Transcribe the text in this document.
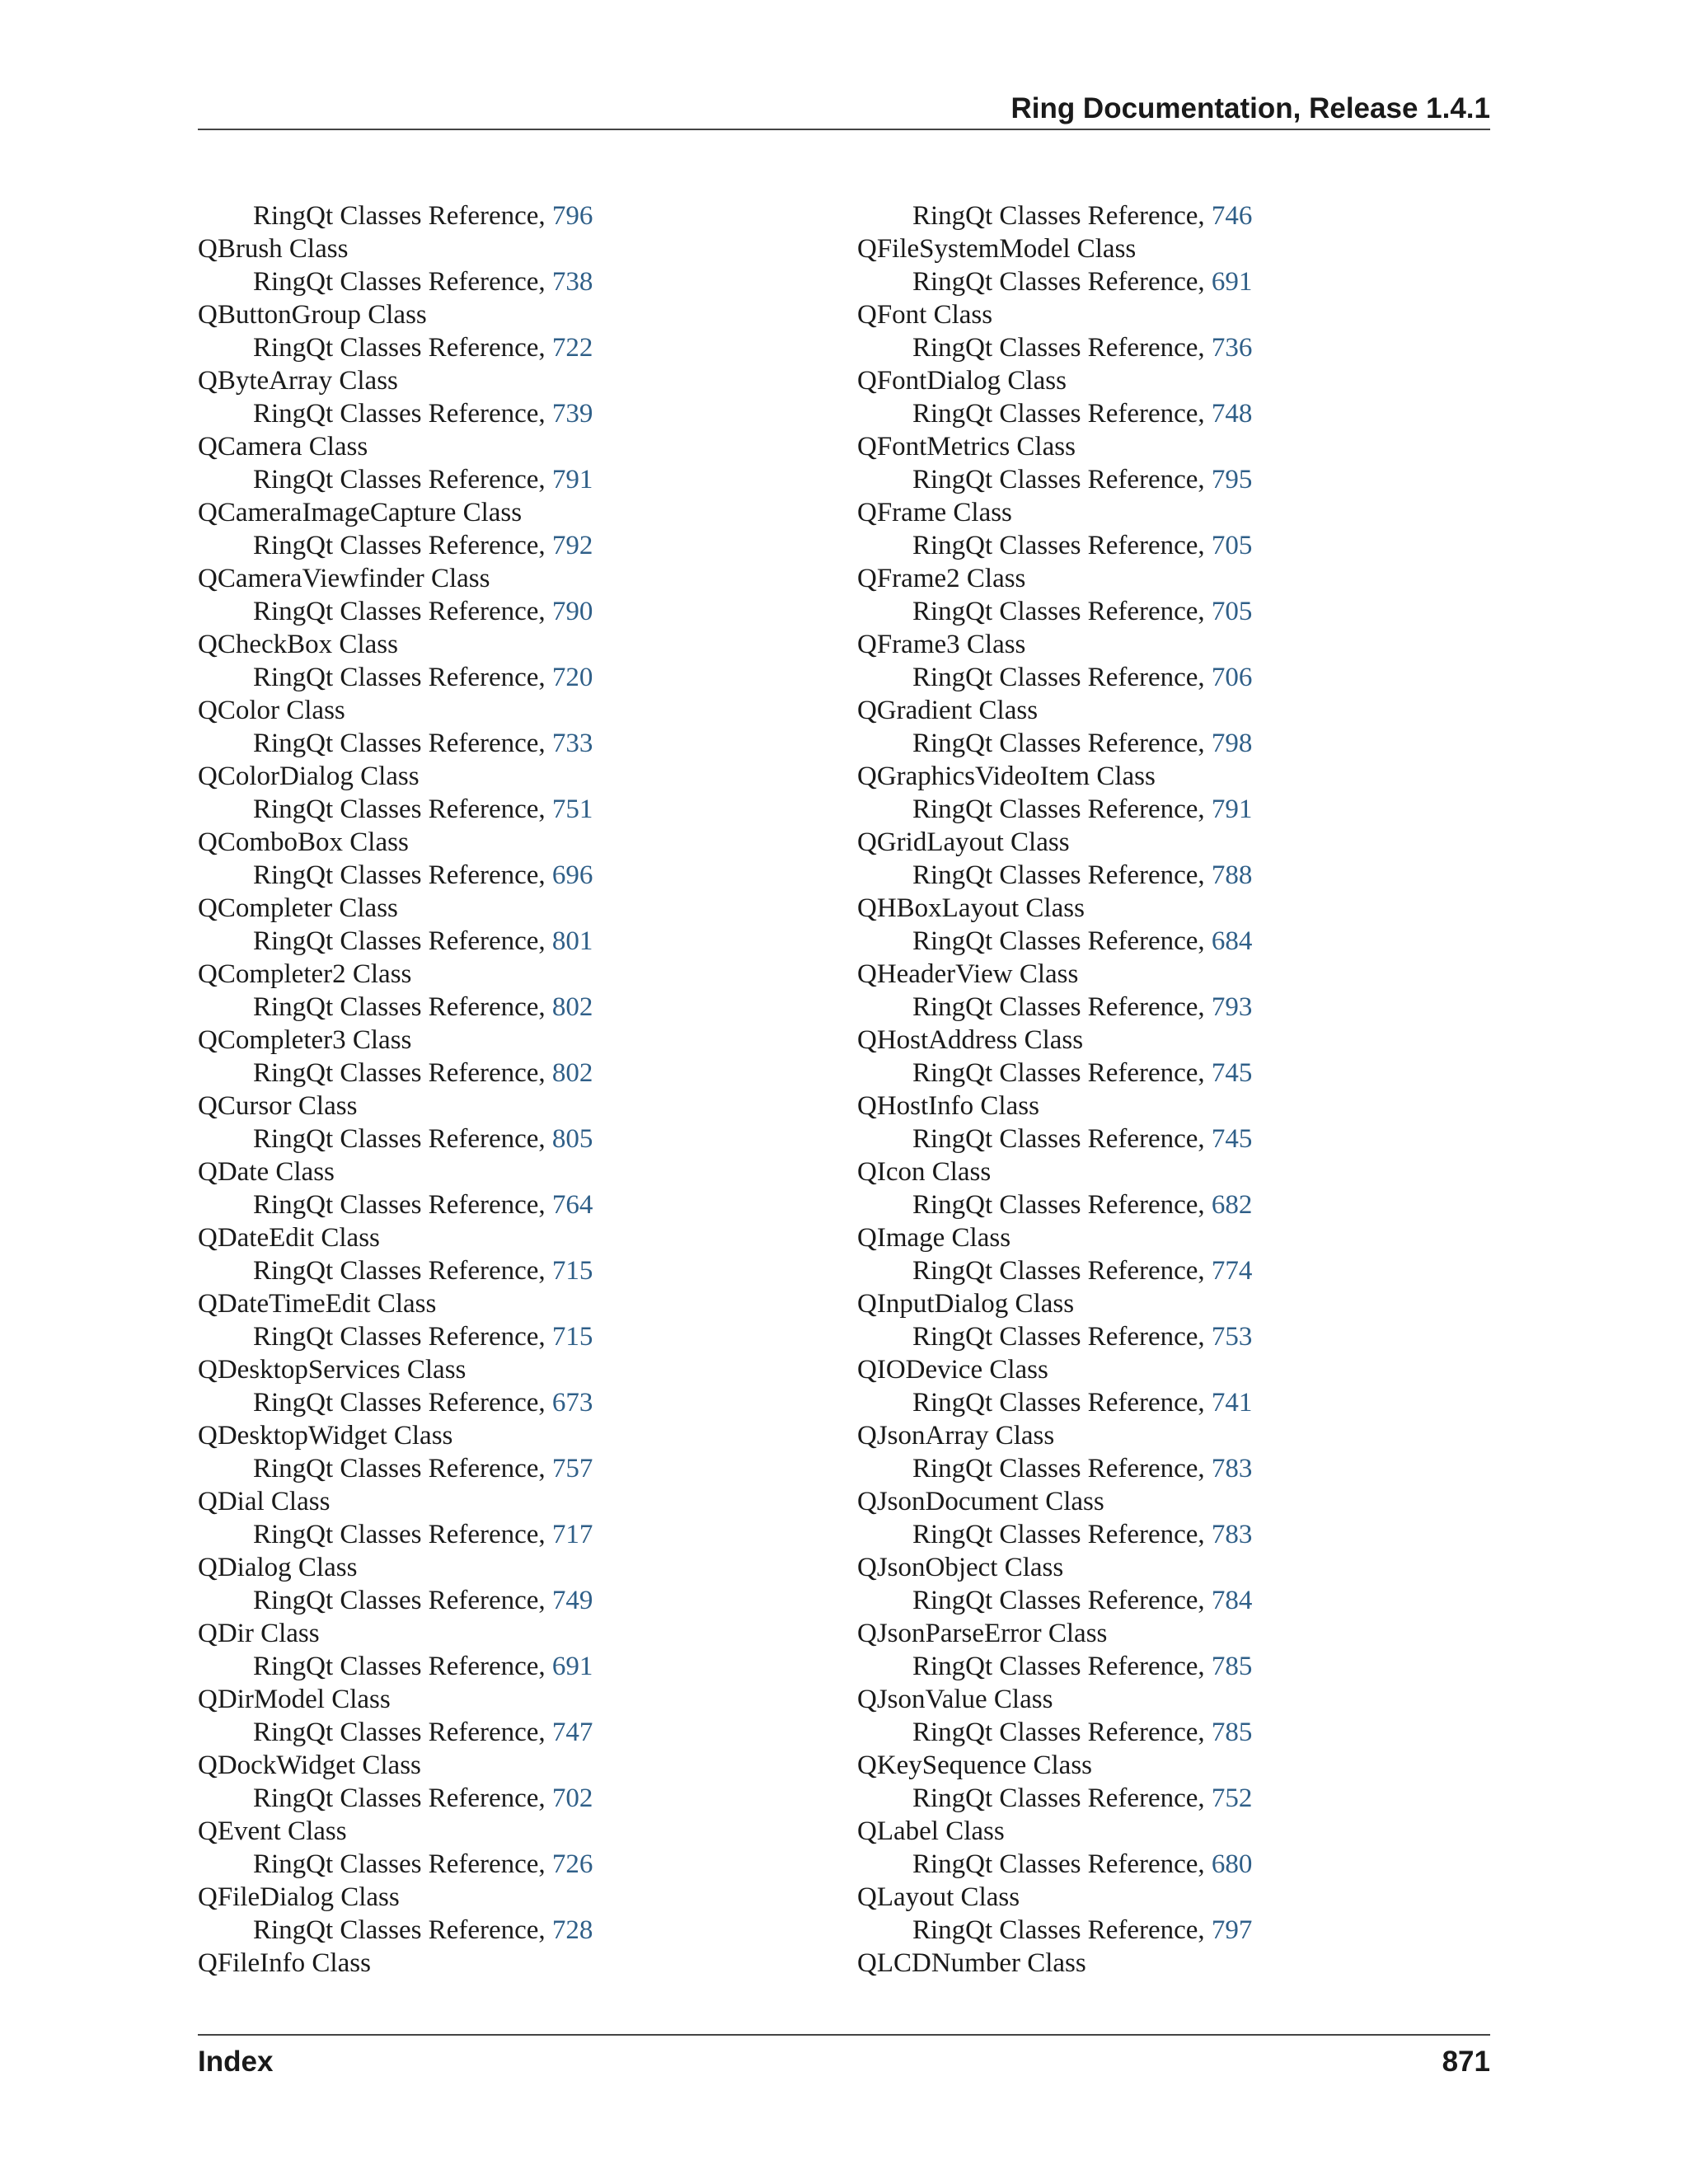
Ring Documentation, Release 1.4.1
RingQt Classes Reference, 796
QBrush Class
RingQt Classes Reference, 738
QButtonGroup Class
RingQt Classes Reference, 722
QByteArray Class
RingQt Classes Reference, 739
QCamera Class
RingQt Classes Reference, 791
QCameraImageCapture Class
RingQt Classes Reference, 792
QCameraViewfinder Class
RingQt Classes Reference, 790
QCheckBox Class
RingQt Classes Reference, 720
QColor Class
RingQt Classes Reference, 733
QColorDialog Class
RingQt Classes Reference, 751
QComboBox Class
RingQt Classes Reference, 696
QCompleter Class
RingQt Classes Reference, 801
QCompleter2 Class
RingQt Classes Reference, 802
QCompleter3 Class
RingQt Classes Reference, 802
QCursor Class
RingQt Classes Reference, 805
QDate Class
RingQt Classes Reference, 764
QDateEdit Class
RingQt Classes Reference, 715
QDateTimeEdit Class
RingQt Classes Reference, 715
QDesktopServices Class
RingQt Classes Reference, 673
QDesktopWidget Class
RingQt Classes Reference, 757
QDial Class
RingQt Classes Reference, 717
QDialog Class
RingQt Classes Reference, 749
QDir Class
RingQt Classes Reference, 691
QDirModel Class
RingQt Classes Reference, 747
QDockWidget Class
RingQt Classes Reference, 702
QEvent Class
RingQt Classes Reference, 726
QFileDialog Class
RingQt Classes Reference, 728
QFileInfo Class
RingQt Classes Reference, 746
QFileSystemModel Class
RingQt Classes Reference, 691
QFont Class
RingQt Classes Reference, 736
QFontDialog Class
RingQt Classes Reference, 748
QFontMetrics Class
RingQt Classes Reference, 795
QFrame Class
RingQt Classes Reference, 705
QFrame2 Class
RingQt Classes Reference, 705
QFrame3 Class
RingQt Classes Reference, 706
QGradient Class
RingQt Classes Reference, 798
QGraphicsVideoItem Class
RingQt Classes Reference, 791
QGridLayout Class
RingQt Classes Reference, 788
QHBoxLayout Class
RingQt Classes Reference, 684
QHeaderView Class
RingQt Classes Reference, 793
QHostAddress Class
RingQt Classes Reference, 745
QHostInfo Class
RingQt Classes Reference, 745
QIcon Class
RingQt Classes Reference, 682
QImage Class
RingQt Classes Reference, 774
QInputDialog Class
RingQt Classes Reference, 753
QIODevice Class
RingQt Classes Reference, 741
QJsonArray Class
RingQt Classes Reference, 783
QJsonDocument Class
RingQt Classes Reference, 783
QJsonObject Class
RingQt Classes Reference, 784
QJsonParseError Class
RingQt Classes Reference, 785
QJsonValue Class
RingQt Classes Reference, 785
QKeySequence Class
RingQt Classes Reference, 752
QLabel Class
RingQt Classes Reference, 680
QLayout Class
RingQt Classes Reference, 797
QLCDNumber Class
Index	871
